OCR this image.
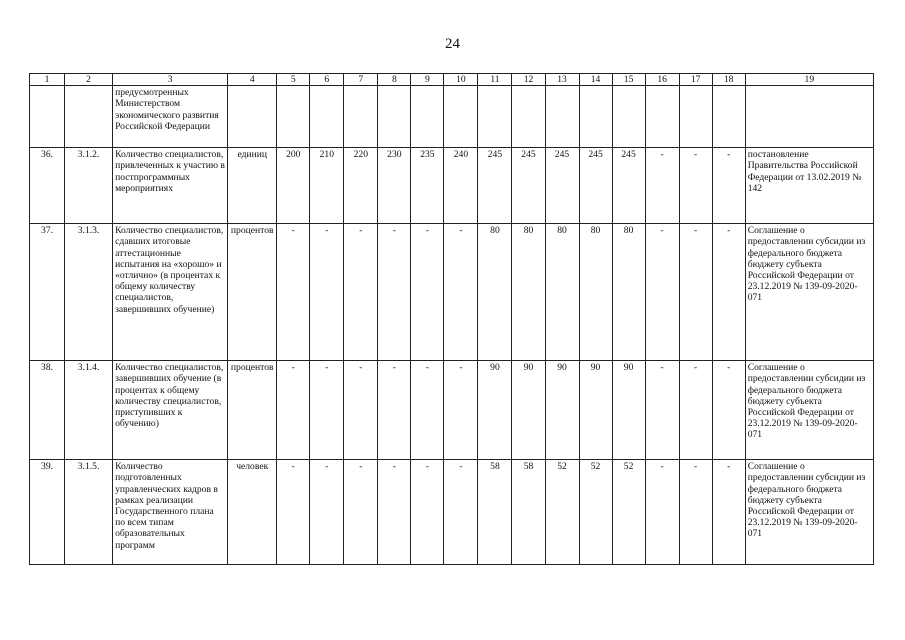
24
1	2	3	4	5	6	7	8	9	10	11	12	13	14	15	16	17	18	19
		предусмотренных Министерством экономического развития Российской Федерации																
36.	3.1.2.	Количество специалистов, привлеченных к участию в постпрограммных мероприятиях	единиц	200	210	220	230	235	240	245	245	245	245	245	-	-	-	постановление Правительства Российской Федерации от 13.02.2019 № 142
37.	3.1.3.	Количество специалистов, сдавших итоговые аттестационные испытания на «хорошо» и «отлично» (в процентах к общему количеству специалистов, завершивших обучение)	процентов	-	-	-	-	-	-	80	80	80	80	80	-	-	-	Соглашение о предоставлении субсидии из федерального бюджета бюджету субъекта Российской Федерации от 23.12.2019 № 139-09-2020-071
38.	3.1.4.	Количество специалистов, завершивших обучение (в процентах к общему количеству специалистов, приступивших к обучению)	процентов	-	-	-	-	-	-	90	90	90	90	90	-	-	-	Соглашение о предоставлении субсидии из федерального бюджета бюджету субъекта Российской Федерации от 23.12.2019 № 139-09-2020-071
39.	3.1.5.	Количество подготовленных управленческих кадров в рамках реализации Государственного плана по всем типам образовательных программ	человек	-	-	-	-	-	-	58	58	52	52	52	-	-	-	Соглашение о предоставлении субсидии из федерального бюджета бюджету субъекта Российской Федерации от 23.12.2019 № 139-09-2020-071
